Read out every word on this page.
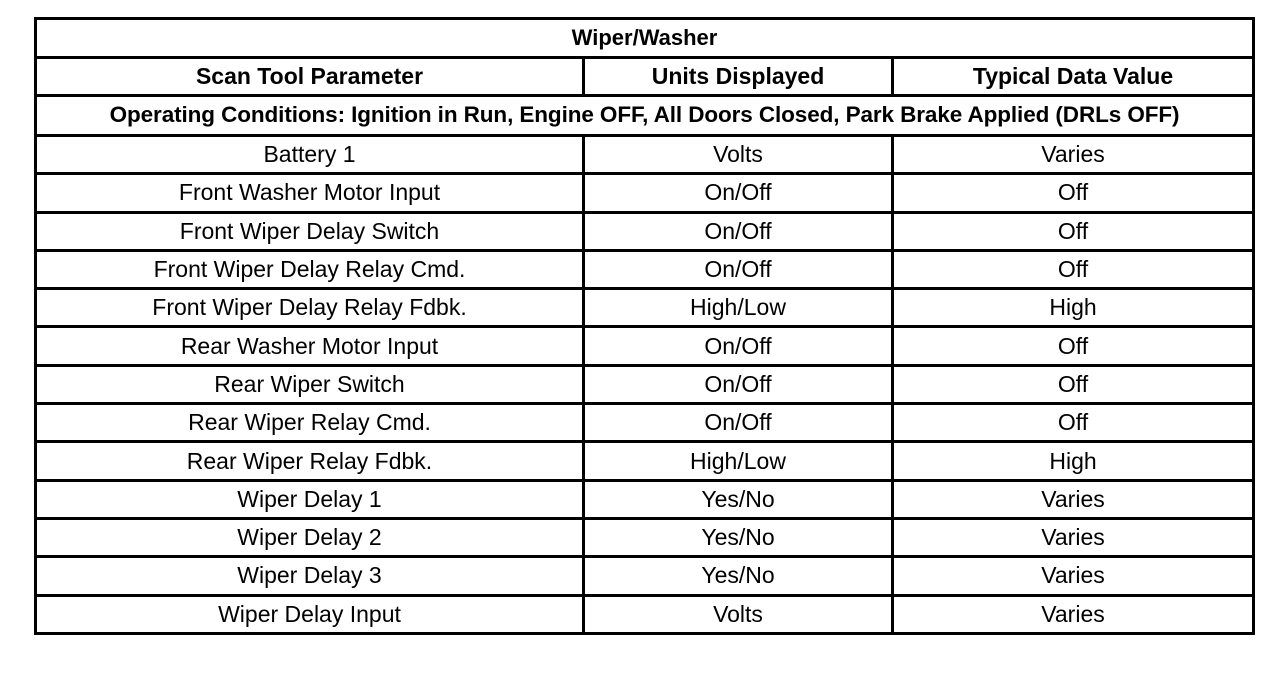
Wiper/Washer		
Scan Tool Parameter	Units Displayed	Typical Data Value
Operating Conditions: Ignition in Run, Engine OFF, All Doors Closed, Park Brake Applied (DRLs OFF)		
Battery 1	Volts	Varies
Front Washer Motor Input	On/Off	Off
Front Wiper Delay Switch	On/Off	Off
Front Wiper Delay Relay Cmd.	On/Off	Off
Front Wiper Delay Relay Fdbk.	High/Low	High
Rear Washer Motor Input	On/Off	Off
Rear Wiper Switch	On/Off	Off
Rear Wiper Relay Cmd.	On/Off	Off
Rear Wiper Relay Fdbk.	High/Low	High
Wiper Delay 1	Yes/No	Varies
Wiper Delay 2	Yes/No	Varies
Wiper Delay 3	Yes/No	Varies
Wiper Delay Input	Volts	Varies
